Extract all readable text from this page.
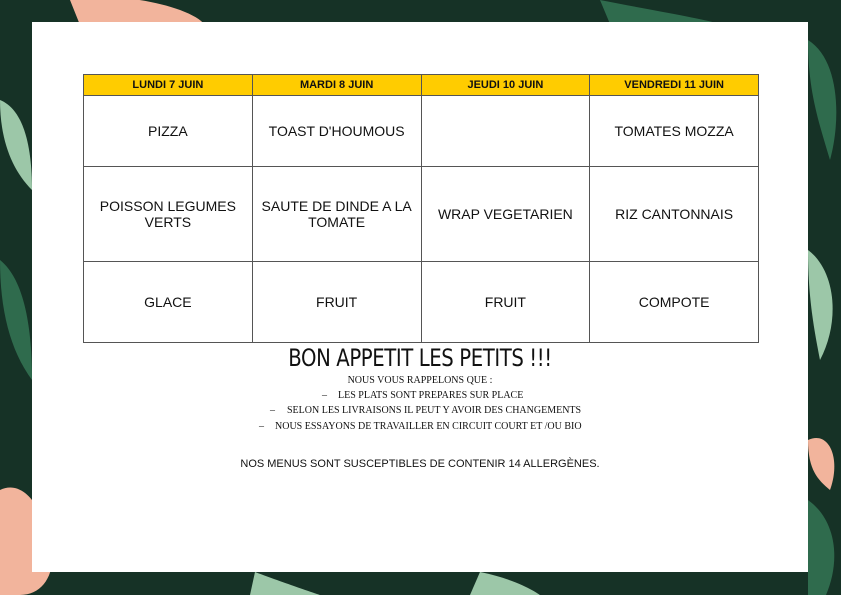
LUNDI 7 JUIN	MARDI 8 JUIN	JEUDI 10 JUIN	VENDREDI 11 JUIN
PIZZA	TOAST D'HOUMOUS		TOMATES MOZZA
POISSON LEGUMES VERTS	SAUTE DE DINDE A LA TOMATE	WRAP VEGETARIEN	RIZ CANTONNAIS
GLACE	FRUIT	FRUIT	COMPOTE
BON APPETIT LES PETITS !!!
NOUS VOUS RAPPELONS QUE :
– LES PLATS SONT PREPARES SUR PLACE
– SELON LES LIVRAISONS IL PEUT Y AVOIR DES CHANGEMENTS
– NOUS ESSAYONS DE TRAVAILLER EN CIRCUIT COURT ET /OU BIO
NOS MENUS SONT SUSCEPTIBLES DE CONTENIR 14 ALLERGÈNES.
